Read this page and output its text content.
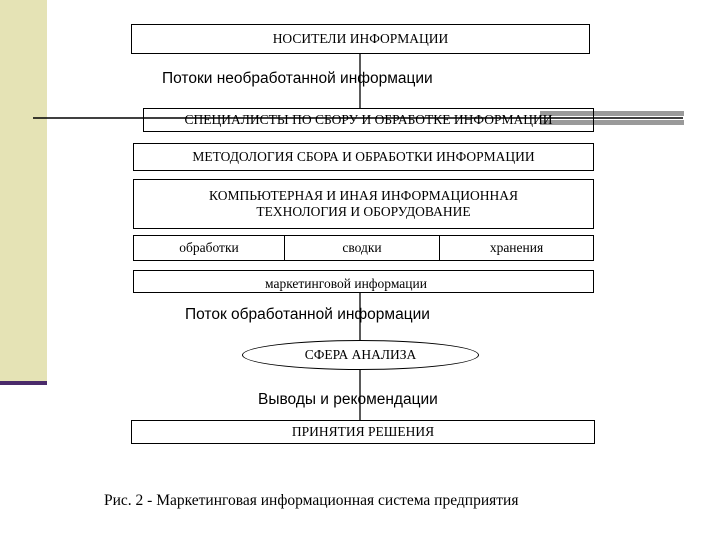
НОСИТЕЛИ ИНФОРМАЦИИ
Потоки необработанной информации
СПЕЦИАЛИСТЫ ПО СБОРУ И ОБРАБОТКЕ ИНФОРМАЦИИ
МЕТОДОЛОГИЯ СБОРА И ОБРАБОТКИ ИНФОРМАЦИИ
КОМПЬЮТЕРНАЯ И ИНАЯ ИНФОРМАЦИОННАЯ
ТЕХНОЛОГИЯ И ОБОРУДОВАНИЕ
обработки	сводки	хранения
маркетинговой информации
Поток обработанной информации
СФЕРА АНАЛИЗА
Выводы и рекомендации
ПРИНЯТИЯ РЕШЕНИЯ
Рис. 2 - Маркетинговая информационная система предприятия
